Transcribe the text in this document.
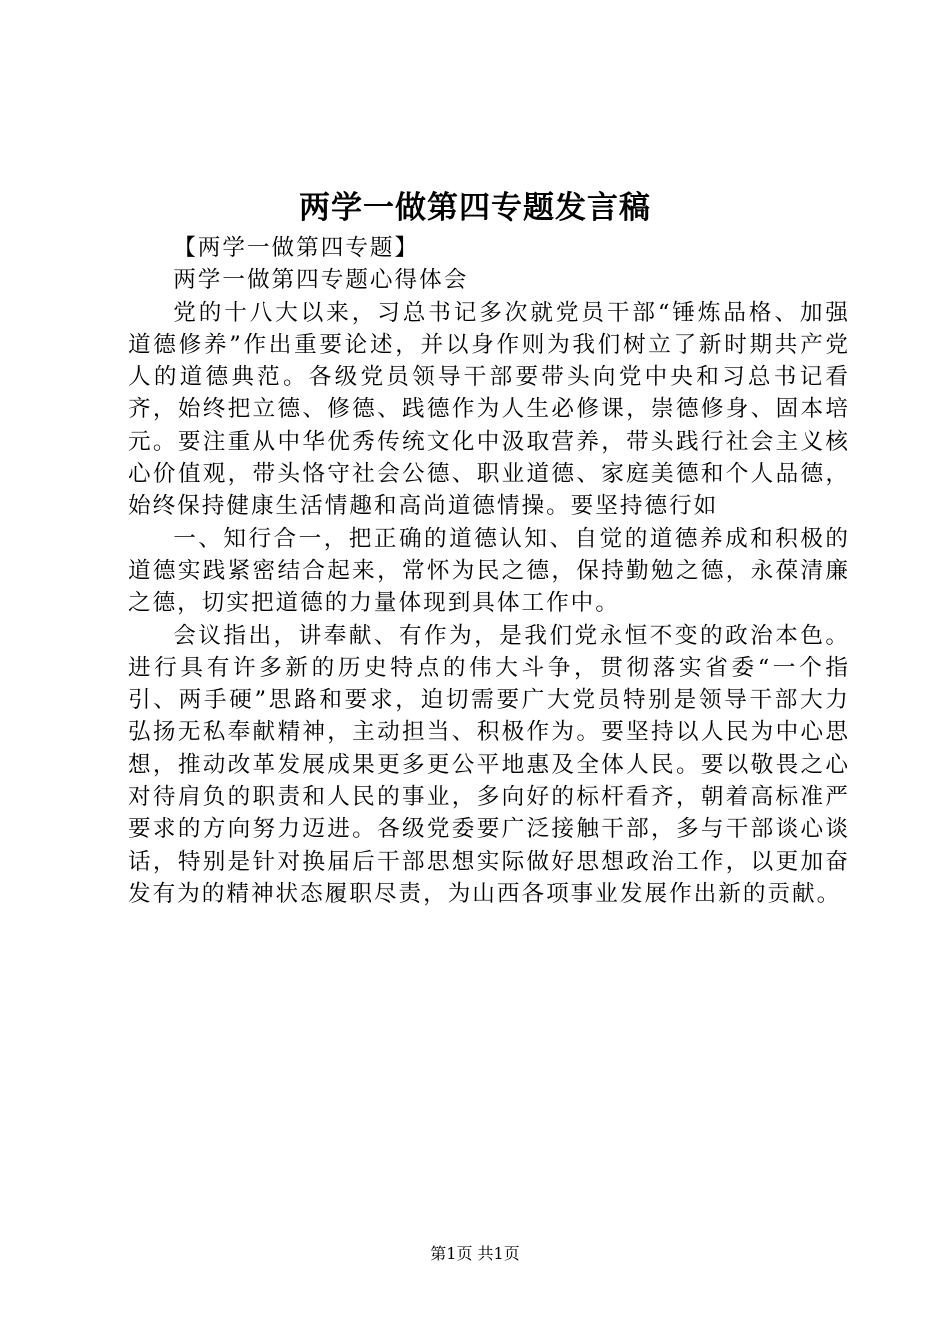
两学一做第四专题发言稿

【两学一做第四专题】

两学一做第四专题心得体会

党的十八大以来，习总书记多次就党员干部“锤炼品格、加强道德修养”作出重要论述，并以身作则为我们树立了新时期共产党人的道德典范。各级党员领导干部要带头向党中央和习总书记看齐，始终把立德、修德、践德作为人生必修课，崇德修身、固本培元。要注重从中华优秀传统文化中汲取营养，带头践行社会主义核心价值观，带头恪守社会公德、职业道德、家庭美德和个人品德，始终保持健康生活情趣和高尚道德情操。要坚持德行如

一、知行合一，把正确的道德认知、自觉的道德养成和积极的道德实践紧密结合起来，常怀为民之德，保持勤勉之德，永葆清廉之德，切实把道德的力量体现到具体工作中。

会议指出，讲奉献、有作为，是我们党永恒不变的政治本色。进行具有许多新的历史特点的伟大斗争，贯彻落实省委“一个指引、两手硬”思路和要求，迫切需要广大党员特别是领导干部大力弘扬无私奉献精神，主动担当、积极作为。要坚持以人民为中心思想，推动改革发展成果更多更公平地惠及全体人民。要以敬畏之心对待肩负的职责和人民的事业，多向好的标杆看齐，朝着高标准严要求的方向努力迈进。各级党委要广泛接触干部，多与干部谈心谈话，特别是针对换届后干部思想实际做好思想政治工作，以更加奋发有为的精神状态履职尽责，为山西各项事业发展作出新的贡献。

第1页 共1页
